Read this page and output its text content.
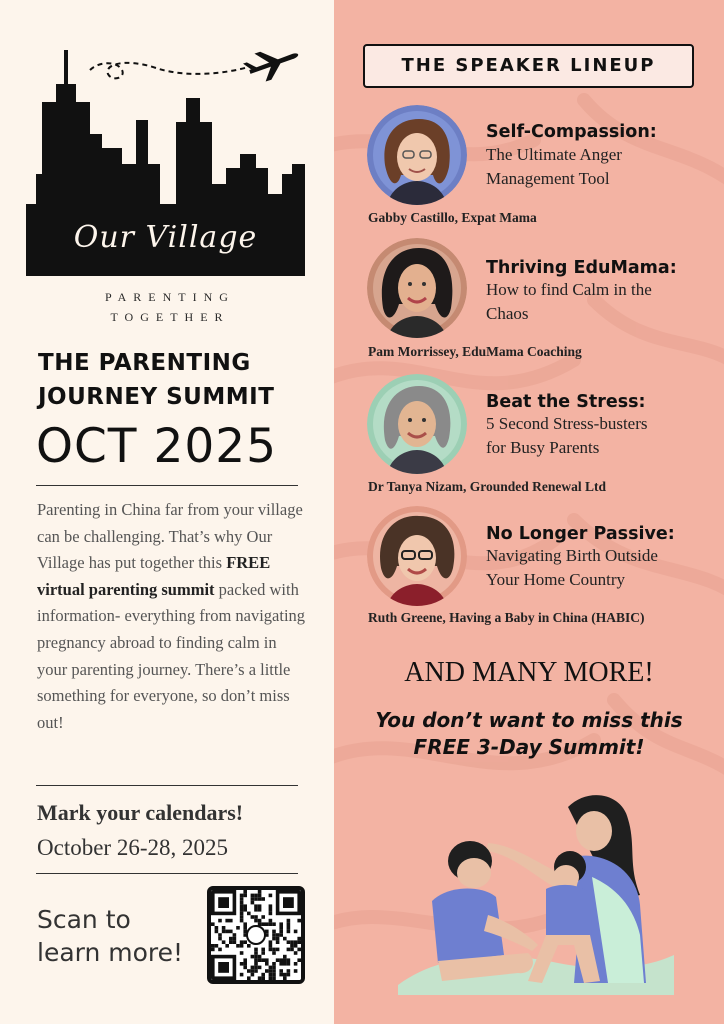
Our Village
PARENTING
TOGETHER
THE PARENTING
JOURNEY SUMMIT
OCT 2025
Parenting in China far from your village can be challenging. That’s why Our Village has put together this FREE virtual parenting summit packed with information- everything from navigating pregnancy abroad to finding calm in your parenting journey. There’s a little something for everyone, so don’t miss out!
Mark your calendars!
October 26-28, 2025
Scan to
learn more!
THE SPEAKER LINEUP
Self-Compassion:
The Ultimate Anger
Management Tool
Gabby Castillo, Expat Mama
Thriving EduMama:
How to find Calm in the
Chaos
Pam Morrissey, EduMama Coaching
Beat the Stress:
5 Second Stress-busters
for Busy Parents
Dr Tanya Nizam, Grounded Renewal Ltd
No Longer Passive:
Navigating Birth Outside
Your Home Country
Ruth Greene, Having a Baby in China (HABIC)
AND MANY MORE!
You don’t want to miss this
FREE 3-Day Summit!
